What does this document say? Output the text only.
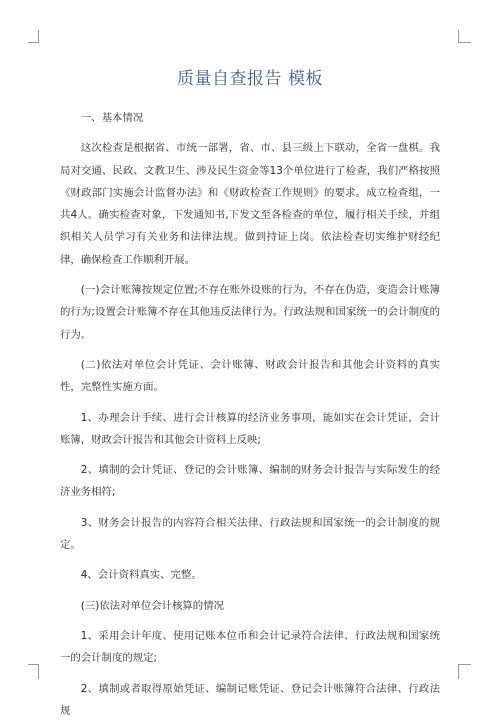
质量自查报告 模板

一、基本情况

这次检查是根据省、市统一部署，省、市、县三级上下联动，全省一盘棋。我局对交通、民政、文教卫生、涉及民生资金等13个单位进行了检查，我们严格按照《财政部门实施会计监督办法》和《财政检查工作规则》的要求。成立检查组，一共4人。确实检查对象，下发通知书,下发文至各检查的单位，履行相关手续，并组织相关人员学习有关业务和法律法规。做到持证上岗。依法检查切实维护财经纪律，确保检查工作顺利开展。

(一)会计账簿按规定位置;不存在账外设账的行为，不存在伪造，变造会计账簿的行为;设置会计账簿不存在其他违反法律行为。行政法规和国家统一的会计制度的行为。

(二)依法对单位会计凭证、会计账簿、财政会计报告和其他会计资料的真实性，完整性实施方面。

1、办理会计手续、进行会计核算的经济业务事项，能如实在会计凭证，会计账簿，财政会计报告和其他会计资料上反映;

2、填制的会计凭证、登记的会计账簿、编制的财务会计报告与实际发生的经济业务相符;

3、财务会计报告的内容符合相关法律、行政法规和国家统一的会计制度的规定。

4、会计资料真实、完整。

(三)依法对单位会计核算的情况

1、采用会计年度、使用记账本位币和会计记录符合法律、行政法规和国家统一的会计制度的规定;

2、填制或者取得原始凭证、编制记账凭证、登记会计账簿符合法律、行政法规
